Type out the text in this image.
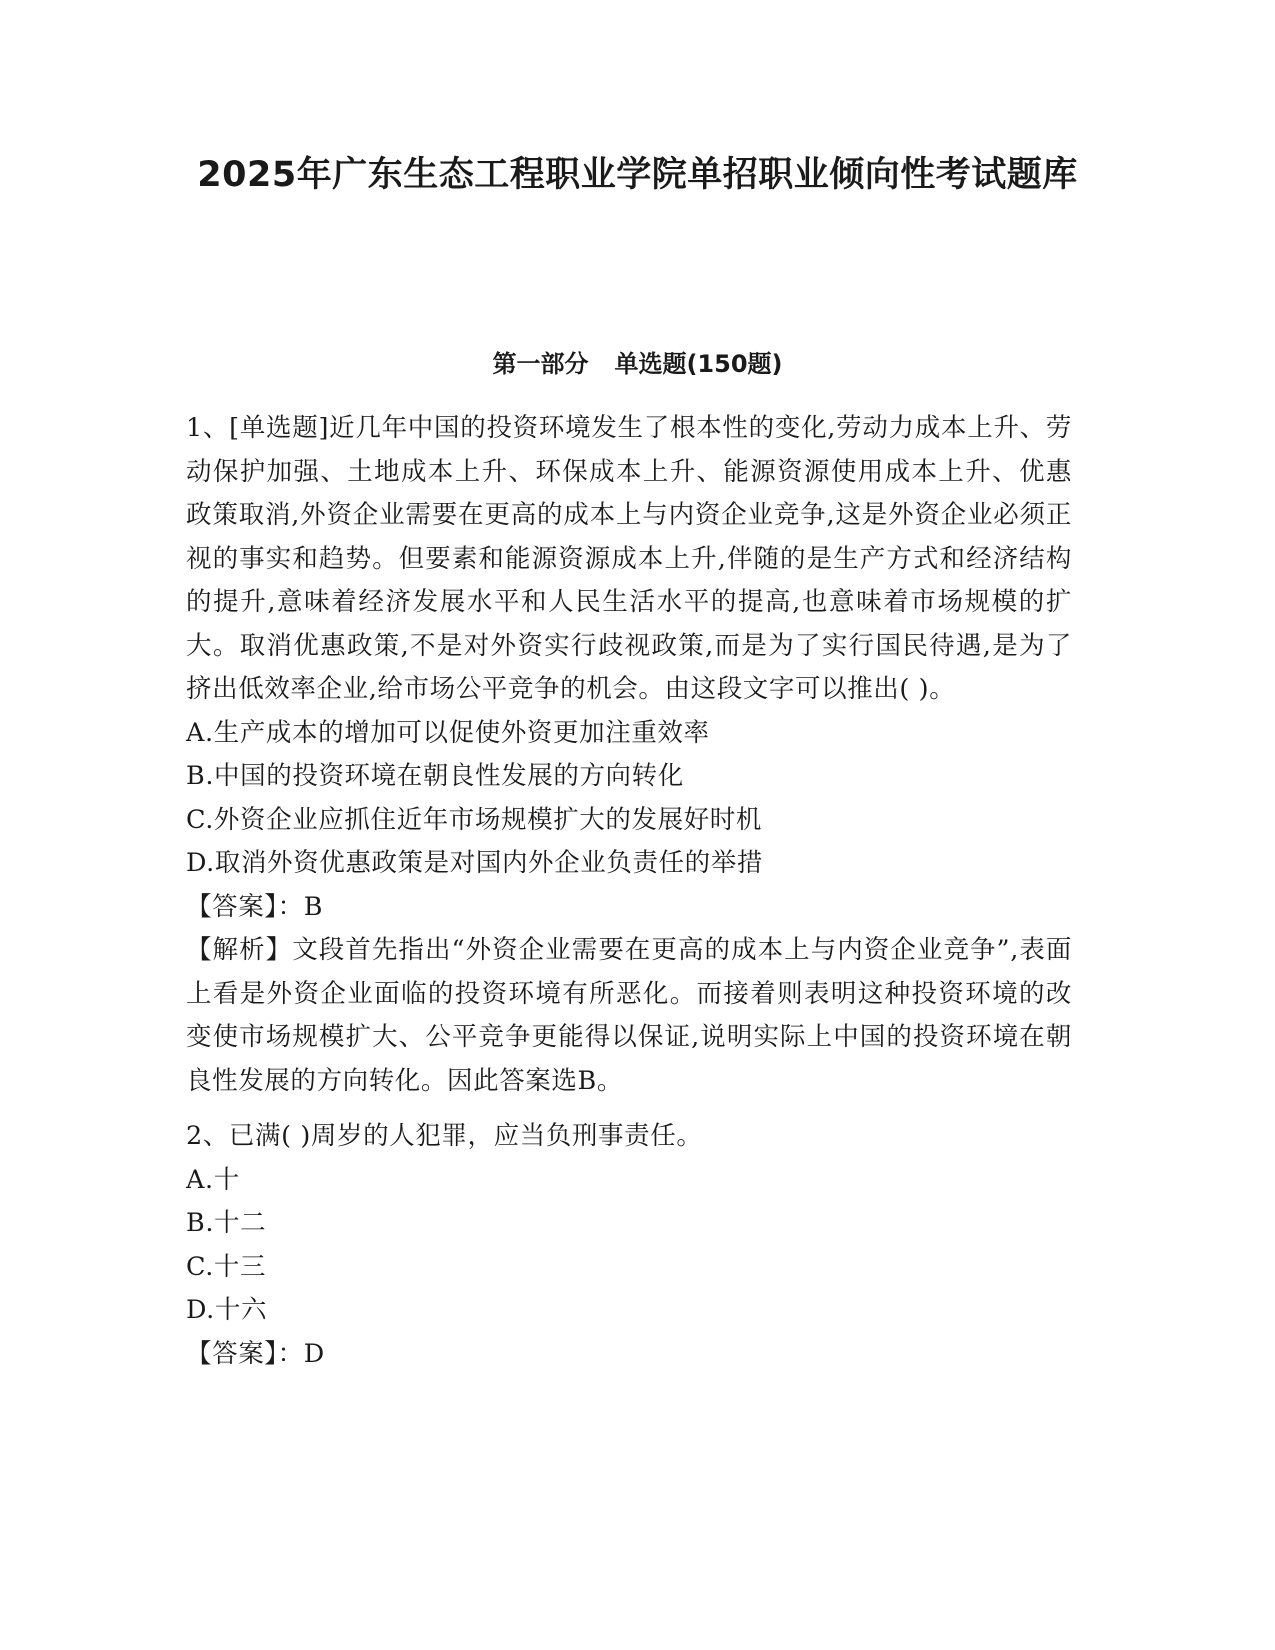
2025年广东生态工程职业学院单招职业倾向性考试题库
第一部分 单选题(150题)

1、[单选题]近几年中国的投资环境发生了根本性的变化,劳动力成本上升、劳动保护加强、土地成本上升、环保成本上升、能源资源使用成本上升、优惠政策取消,外资企业需要在更高的成本上与内资企业竞争,这是外资企业必须正视的事实和趋势。但要素和能源资源成本上升,伴随的是生产方式和经济结构的提升,意味着经济发展水平和人民生活水平的提高,也意味着市场规模的扩大。取消优惠政策,不是对外资实行歧视政策,而是为了实行国民待遇,是为了挤出低效率企业,给市场公平竞争的机会。由这段文字可以推出( )。

A.生产成本的增加可以促使外资更加注重效率
B.中国的投资环境在朝良性发展的方向转化
C.外资企业应抓住近年市场规模扩大的发展好时机
D.取消外资优惠政策是对国内外企业负责任的举措

【答案】：B

【解析】文段首先指出“外资企业需要在更高的成本上与内资企业竞争”,表面上看是外资企业面临的投资环境有所恶化。而接着则表明这种投资环境的改变使市场规模扩大、公平竞争更能得以保证,说明实际上中国的投资环境在朝良性发展的方向转化。因此答案选B。

2、已满( )周岁的人犯罪，应当负刑事责任。

A.十
B.十二
C.十三
D.十六

【答案】：D
